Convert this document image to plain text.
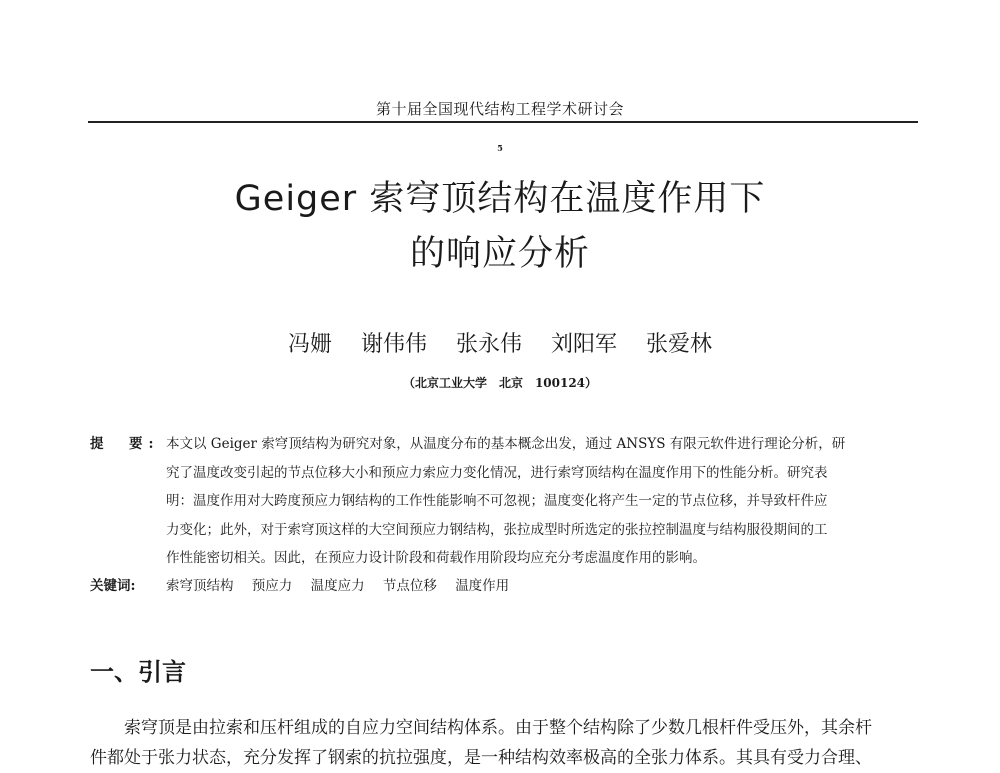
第十届全国现代结构工程学术研讨会
5
Geiger 索穹顶结构在温度作用下
的响应分析
冯姗 谢伟伟 张永伟 刘阳军 张爱林
（北京工业大学　北京　100124）
提　要: 本文以 Geiger 索穹顶结构为研究对象，从温度分布的基本概念出发，通过 ANSYS 有限元软件进行理论分析，研
究了温度改变引起的节点位移大小和预应力索应力变化情况，进行索穹顶结构在温度作用下的性能分析。研究表
明：温度作用对大跨度预应力钢结构的工作性能影响不可忽视；温度变化将产生一定的节点位移，并导致杆件应
力变化；此外，对于索穹顶这样的大空间预应力钢结构，张拉成型时所选定的张拉控制温度与结构服役期间的工
作性能密切相关。因此，在预应力设计阶段和荷载作用阶段均应充分考虑温度作用的影响。
关键词: 索穹顶结构 预应力 温度应力 节点位移 温度作用
一、引言
索穹顶是由拉索和压杆组成的自应力空间结构体系。由于整个结构除了少数几根杆件受压外，其余杆
件都处于张力状态，充分发挥了钢索的抗拉强度，是一种结构效率极高的全张力体系。其具有受力合理、
